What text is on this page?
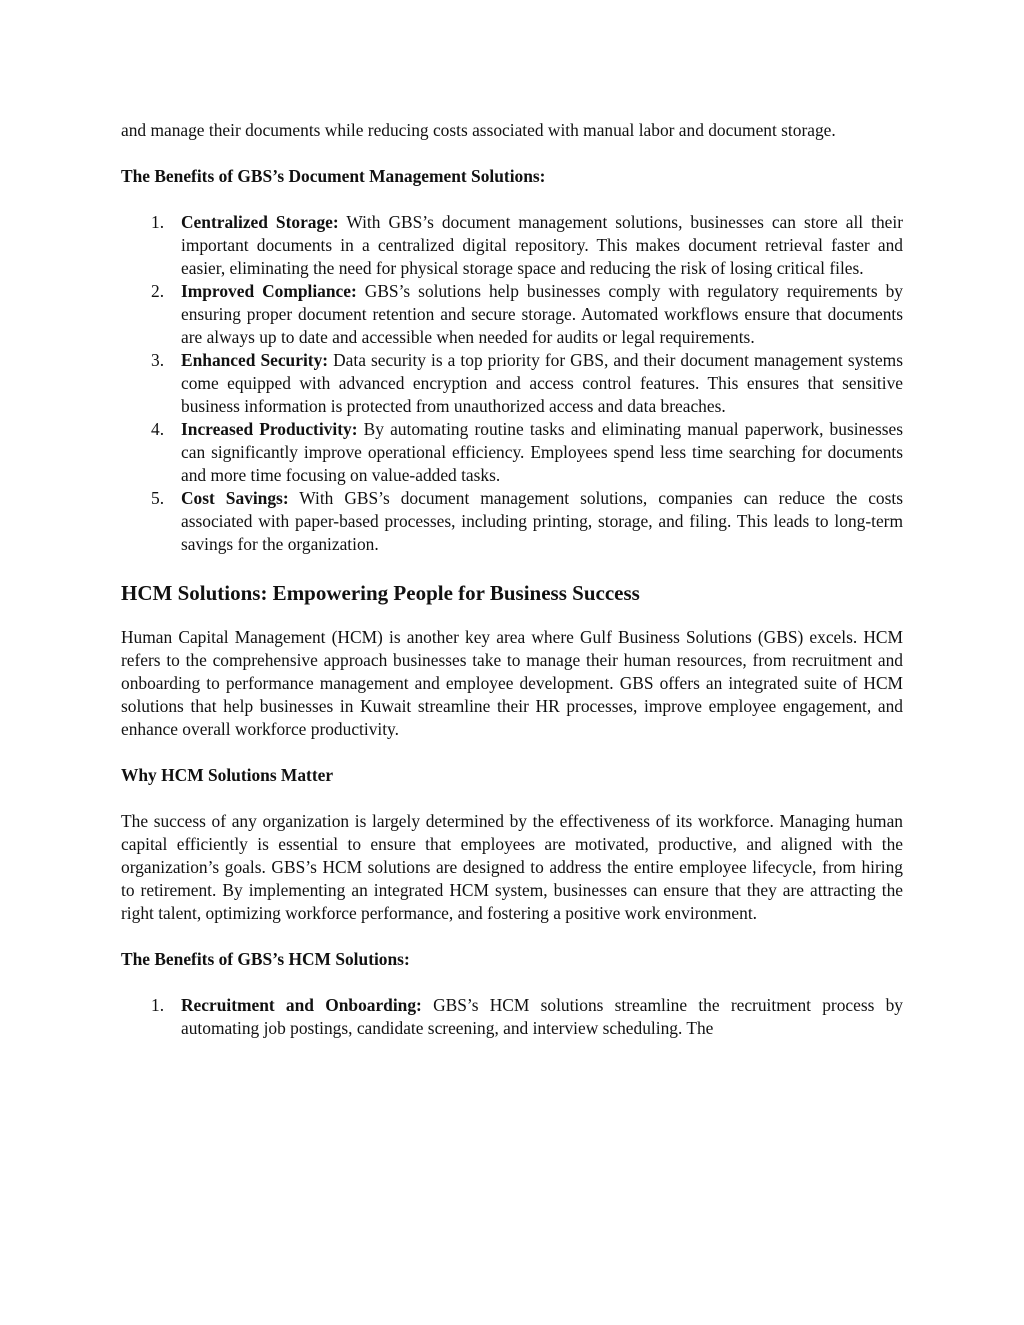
and manage their documents while reducing costs associated with manual labor and document storage.

The Benefits of GBS’s Document Management Solutions:

1. Centralized Storage: With GBS’s document management solutions, businesses can store all their important documents in a centralized digital repository. This makes document retrieval faster and easier, eliminating the need for physical storage space and reducing the risk of losing critical files.
2. Improved Compliance: GBS’s solutions help businesses comply with regulatory requirements by ensuring proper document retention and secure storage. Automated workflows ensure that documents are always up to date and accessible when needed for audits or legal requirements.
3. Enhanced Security: Data security is a top priority for GBS, and their document management systems come equipped with advanced encryption and access control features. This ensures that sensitive business information is protected from unauthorized access and data breaches.
4. Increased Productivity: By automating routine tasks and eliminating manual paperwork, businesses can significantly improve operational efficiency. Employees spend less time searching for documents and more time focusing on value-added tasks.
5. Cost Savings: With GBS’s document management solutions, companies can reduce the costs associated with paper-based processes, including printing, storage, and filing. This leads to long-term savings for the organization.

HCM Solutions: Empowering People for Business Success

Human Capital Management (HCM) is another key area where Gulf Business Solutions (GBS) excels. HCM refers to the comprehensive approach businesses take to manage their human resources, from recruitment and onboarding to performance management and employee development. GBS offers an integrated suite of HCM solutions that help businesses in Kuwait streamline their HR processes, improve employee engagement, and enhance overall workforce productivity.

Why HCM Solutions Matter

The success of any organization is largely determined by the effectiveness of its workforce. Managing human capital efficiently is essential to ensure that employees are motivated, productive, and aligned with the organization’s goals. GBS’s HCM solutions are designed to address the entire employee lifecycle, from hiring to retirement. By implementing an integrated HCM system, businesses can ensure that they are attracting the right talent, optimizing workforce performance, and fostering a positive work environment.

The Benefits of GBS’s HCM Solutions:

1. Recruitment and Onboarding: GBS’s HCM solutions streamline the recruitment process by automating job postings, candidate screening, and interview scheduling. The
